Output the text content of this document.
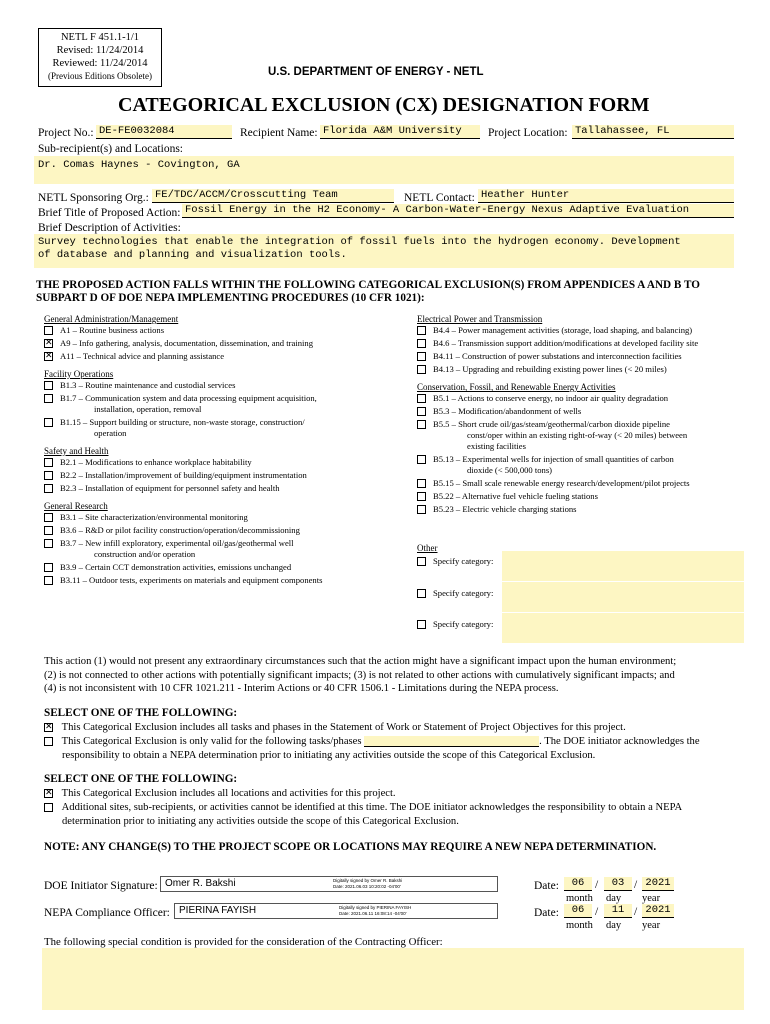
NETL F 451.1-1/1
Revised: 11/24/2014
Reviewed: 11/24/2014
(Previous Editions Obsolete)	U.S. DEPARTMENT OF ENERGY - NETL
CATEGORICAL EXCLUSION (CX) DESIGNATION FORM
Project No.: DE-FE0032084	Recipient Name: Florida A&M University	Project Location: Tallahassee, FL
Sub-recipient(s) and Locations:
Dr. Comas Haynes - Covington, GA
NETL Sponsoring Org.: FE/TDC/ACCM/Crosscutting Team	NETL Contact: Heather Hunter
Brief Title of Proposed Action: Fossil Energy in the H2 Economy- A Carbon-Water-Energy Nexus Adaptive Evaluation
Brief Description of Activities:
Survey technologies that enable the integration of fossil fuels into the hydrogen economy. Development
of database and planning and visualization tools.
THE PROPOSED ACTION FALLS WITHIN THE FOLLOWING CATEGORICAL EXCLUSION(S) FROM APPENDICES A AND B TO
SUBPART D OF DOE NEPA IMPLEMENTING PROCEDURES (10 CFR 1021):
General Administration/Management
A1 – Routine business actions
✕ A9 – Info gathering, analysis, documentation, dissemination, and training
✕ A11 – Technical advice and planning assistance
Facility Operations
B1.3 – Routine maintenance and custodial services
B1.7 – Communication system and data processing equipment acquisition,
installation, operation, removal
B1.15 – Support building or structure, non-waste storage, construction/
operation
Safety and Health
B2.1 – Modifications to enhance workplace habitability
B2.2 – Installation/improvement of building/equipment instrumentation
B2.3 – Installation of equipment for personnel safety and health
General Research
B3.1 – Site characterization/environmental monitoring
B3.6 – R&D or pilot facility construction/operation/decommissioning
B3.7 – New infill exploratory, experimental oil/gas/geothermal well
construction and/or operation
B3.9 – Certain CCT demonstration activities, emissions unchanged
B3.11 – Outdoor tests, experiments on materials and equipment components
Electrical Power and Transmission
B4.4 – Power management activities (storage, load shaping, and balancing)
B4.6 – Transmission support addition/modifications at developed facility site
B4.11 – Construction of power substations and interconnection facilities
B4.13 – Upgrading and rebuilding existing power lines (< 20 miles)
Conservation, Fossil, and Renewable Energy Activities
B5.1 – Actions to conserve energy, no indoor air quality degradation
B5.3 – Modification/abandonment of wells
B5.5 – Short crude oil/gas/steam/geothermal/carbon dioxide pipeline
const/oper within an existing right-of-way (< 20 miles) between
existing facilities
B5.13 – Experimental wells for injection of small quantities of carbon
dioxide (< 500,000 tons)
B5.15 – Small scale renewable energy research/development/pilot projects
B5.22 – Alternative fuel vehicle fueling stations
B5.23 – Electric vehicle charging stations
Other
Specify category:
Specify category:
Specify category:
This action (1) would not present any extraordinary circumstances such that the action might have a significant impact upon the human environment;
(2) is not connected to other actions with potentially significant impacts; (3) is not related to other actions with cumulatively significant impacts; and
(4) is not inconsistent with 10 CFR 1021.211 - Interim Actions or 40 CFR 1506.1 - Limitations during the NEPA process.
SELECT ONE OF THE FOLLOWING:
✕ This Categorical Exclusion includes all tasks and phases in the Statement of Work or Statement of Project Objectives for this project.
This Categorical Exclusion is only valid for the following tasks/phases	. The DOE initiator acknowledges the
responsibility to obtain a NEPA determination prior to initiating any activities outside the scope of this Categorical Exclusion.
SELECT ONE OF THE FOLLOWING:
✕ This Categorical Exclusion includes all locations and activities for this project.
Additional sites, sub-recipients, or activities cannot be identified at this time. The DOE initiator acknowledges the responsibility to obtain a NEPA
determination prior to initiating any activities outside the scope of this Categorical Exclusion.
NOTE: ANY CHANGE(S) TO THE PROJECT SCOPE OR LOCATIONS MAY REQUIRE A NEW NEPA DETERMINATION.
DOE Initiator Signature: Omer R. Bakshi	Digitally signed by Omer R. Bakshi
Date: 2021.06.03 10:20:02 -04'00'
NEPA Compliance Officer: PIERINA FAYISH	Digitally signed by PIERINA FAYISH
Date: 2021.06.11 16:08:14 -04'00'
Date:	06 /	03 / 2021
month day year
Date:	06 /	11 / 2021
month day year
The following special condition is provided for the consideration of the Contracting Officer:
